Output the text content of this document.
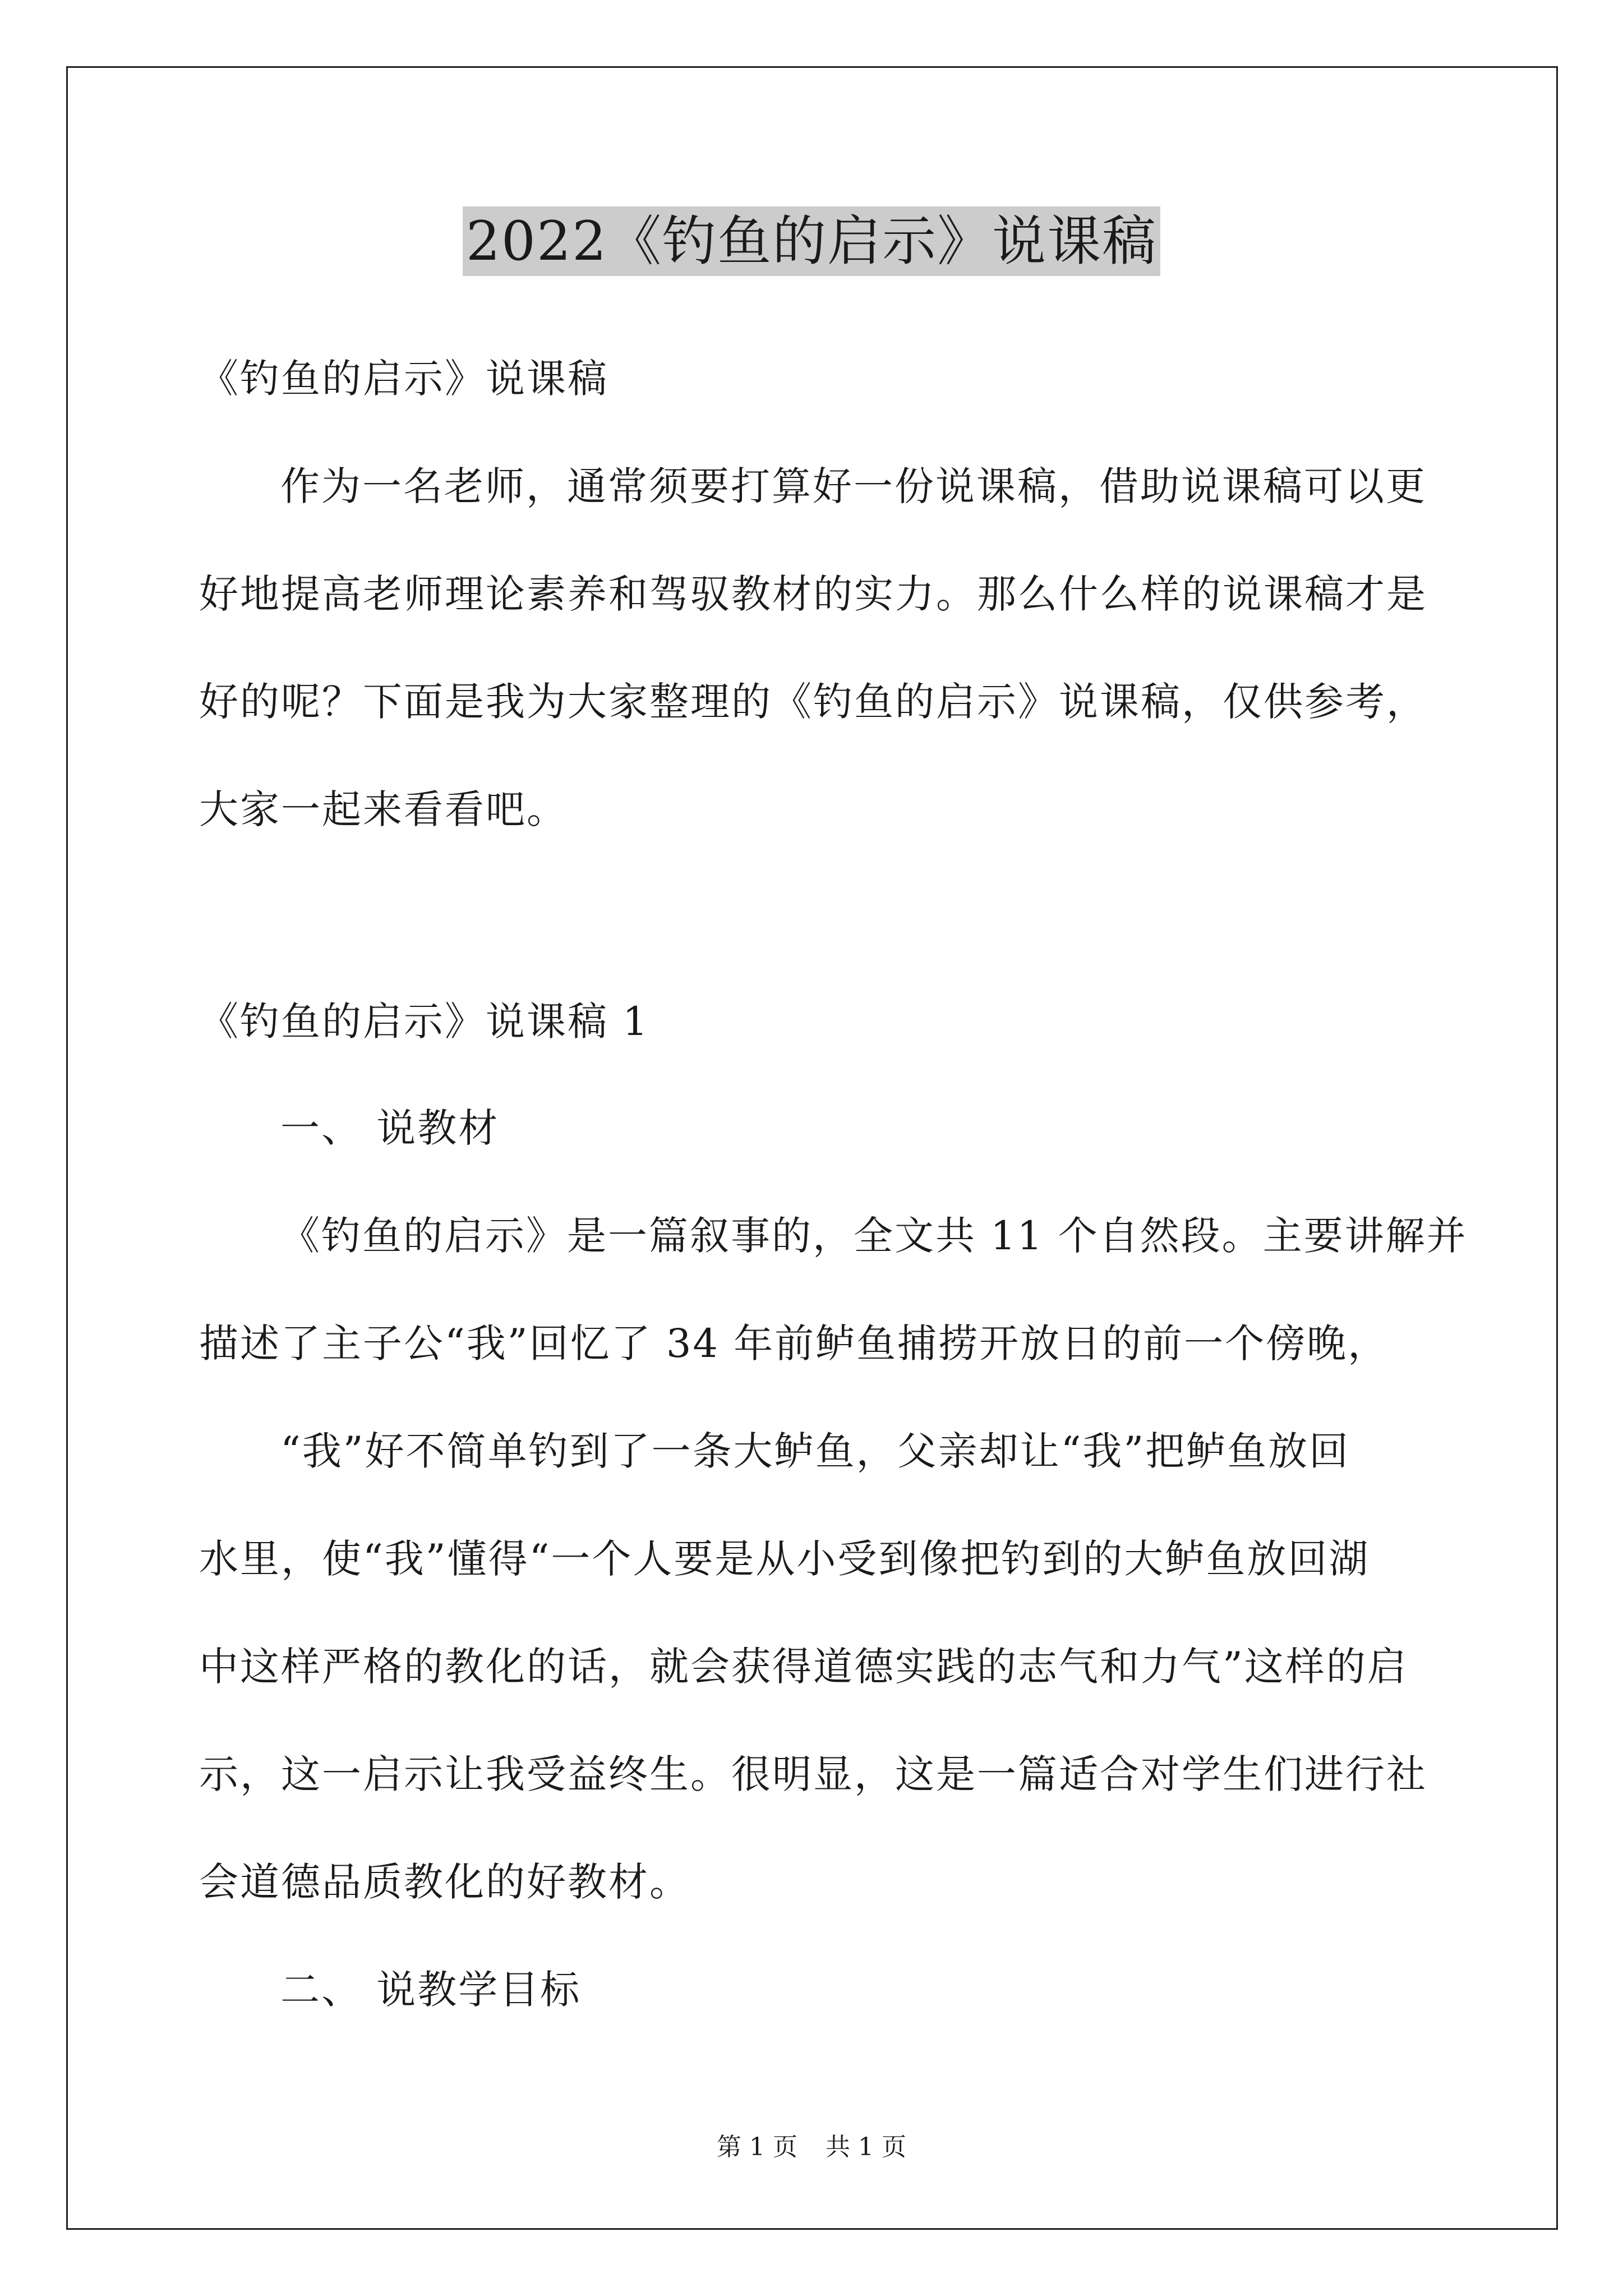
2022《钓鱼的启示》说课稿
《钓鱼的启示》说课稿
作为一名老师，通常须要打算好一份说课稿，借助说课稿可以更
好地提高老师理论素养和驾驭教材的实力。那么什么样的说课稿才是
好的呢？下面是我为大家整理的《钓鱼的启示》说课稿，仅供参考，
大家一起来看看吧。
《钓鱼的启示》说课稿 1
一、 说教材
《钓鱼的启示》是一篇叙事的，全文共 11 个自然段。主要讲解并
描述了主子公“我”回忆了 34 年前鲈鱼捕捞开放日的前一个傍晚，
“我”好不简单钓到了一条大鲈鱼，父亲却让“我”把鲈鱼放回
水里，使“我”懂得“一个人要是从小受到像把钓到的大鲈鱼放回湖
中这样严格的教化的话，就会获得道德实践的志气和力气”这样的启
示，这一启示让我受益终生。很明显，这是一篇适合对学生们进行社
会道德品质教化的好教材。
二、 说教学目标
第 1 页 共 1 页
